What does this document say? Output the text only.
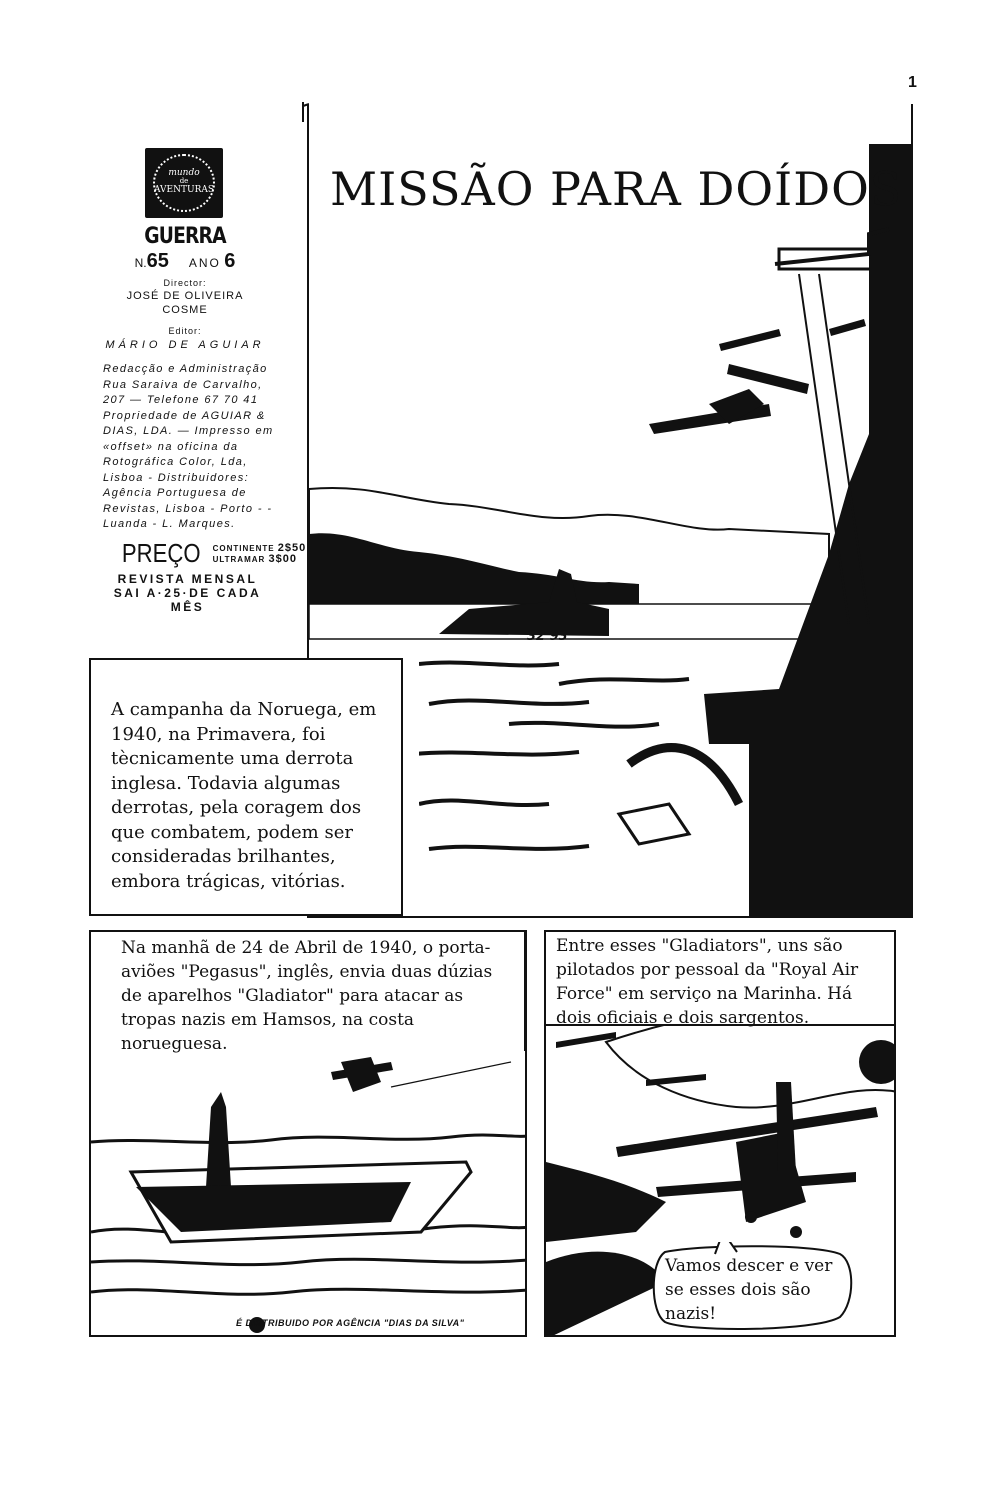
1
mundo
de
AVENTURAS
GUERRA
N.65 ANO 6
Director:
JOSÉ DE OLIVEIRA
COSME
Editor:
MÁRIO DE AGUIAR
Redacção e Administração Rua Saraiva de Carvalho, 207 — Telefone 67 70 41 Propriedade de AGUIAR & DIAS, LDA. — Impresso em «offset» na oficina da Rotográfica Color, Lda, Lisboa - Distribuidores: Agência Portuguesa de Revistas, Lisboa - Porto - -Luanda - L. Marques.
PREÇO CONTINENTE 2$50
ULTRAMAR 3$00
REVISTA MENSAL
SAI A·25·DE CADA
MÊS
32 93
MISSÃO PARA DOÍDOS

A campanha da Noruega, em 1940, na Primavera, foi tècnicamente uma derrota inglesa. Todavia algumas derrotas, pela coragem dos que combatem, podem ser consideradas brilhantes, embora trágicas, vitórias.

Na manhã de 24 de Abril de 1940, o porta-aviões "Pegasus", inglês, envia duas dúzias de aparelhos "Gladiator" para atacar as tropas nazis em Hamsos, na costa norueguesa.
É DISTRIBUIDO POR AGÊNCIA "DIAS DA SILVA"
Entre esses "Gladiators", uns são pilotados por pessoal da "Royal Air Force" em serviço na Marinha. Há dois oficiais e dois sargentos.
Vamos descer e ver se esses dois são nazis!
